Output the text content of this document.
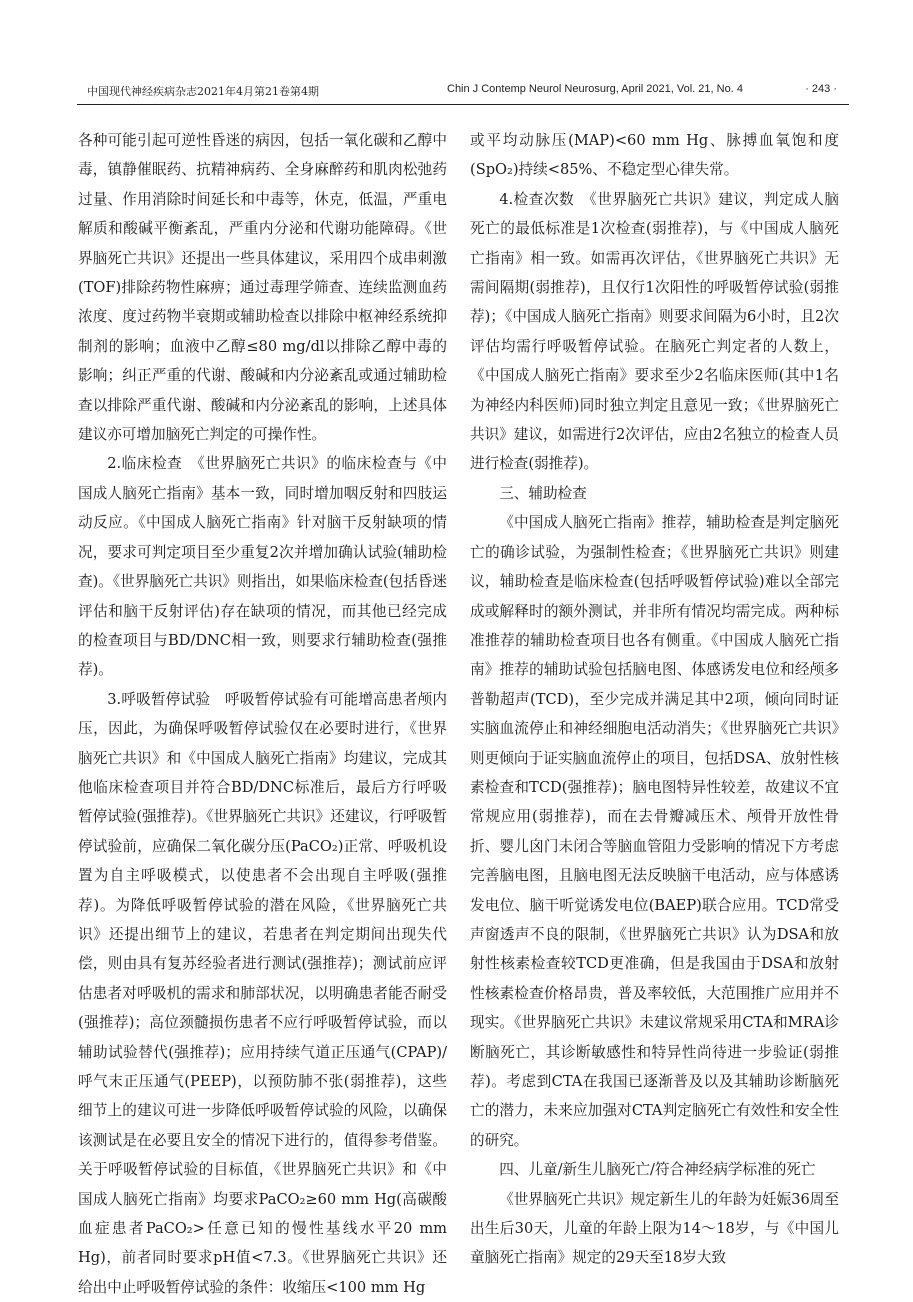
中国现代神经疾病杂志2021年4月第21卷第4期	Chin J Contemp Neurol Neurosurg, April 2021, Vol. 21, No. 4	· 243 ·

各种可能引起可逆性昏迷的病因，包括一氧化碳和乙醇中毒，镇静催眠药、抗精神病药、全身麻醉药和肌肉松弛药过量、作用消除时间延长和中毒等，休克，低温，严重电解质和酸碱平衡紊乱，严重内分泌和代谢功能障碍。《世界脑死亡共识》还提出一些具体建议，采用四个成串刺激(TOF)排除药物性麻痹；通过毒理学筛查、连续监测血药浓度、度过药物半衰期或辅助检查以排除中枢神经系统抑制剂的影响；血液中乙醇≤80 mg/dl以排除乙醇中毒的影响；纠正严重的代谢、酸碱和内分泌紊乱或通过辅助检查以排除严重代谢、酸碱和内分泌紊乱的影响，上述具体建议亦可增加脑死亡判定的可操作性。

2.临床检查　《世界脑死亡共识》的临床检查与《中国成人脑死亡指南》基本一致，同时增加咽反射和四肢运动反应。《中国成人脑死亡指南》针对脑干反射缺项的情况，要求可判定项目至少重复2次并增加确认试验(辅助检查)。《世界脑死亡共识》则指出，如果临床检查(包括昏迷评估和脑干反射评估)存在缺项的情况，而其他已经完成的检查项目与BD/DNC相一致，则要求行辅助检查(强推荐)。

3.呼吸暂停试验　呼吸暂停试验有可能增高患者颅内压，因此，为确保呼吸暂停试验仅在必要时进行，《世界脑死亡共识》和《中国成人脑死亡指南》均建议，完成其他临床检查项目并符合BD/DNC标准后，最后方行呼吸暂停试验(强推荐)。《世界脑死亡共识》还建议，行呼吸暂停试验前，应确保二氧化碳分压(PaCO₂)正常、呼吸机设置为自主呼吸模式，以使患者不会出现自主呼吸(强推荐)。为降低呼吸暂停试验的潜在风险，《世界脑死亡共识》还提出细节上的建议，若患者在判定期间出现失代偿，则由具有复苏经验者进行测试(强推荐)；测试前应评估患者对呼吸机的需求和肺部状况，以明确患者能否耐受(强推荐)；高位颈髓损伤患者不应行呼吸暂停试验，而以辅助试验替代(强推荐)；应用持续气道正压通气(CPAP)/呼气末正压通气(PEEP)，以预防肺不张(弱推荐)，这些细节上的建议可进一步降低呼吸暂停试验的风险，以确保该测试是在必要且安全的情况下进行的，值得参考借鉴。关于呼吸暂停试验的目标值，《世界脑死亡共识》和《中国成人脑死亡指南》均要求PaCO₂≥60 mm Hg(高碳酸血症患者PaCO₂>任意已知的慢性基线水平20 mm Hg)，前者同时要求pH值<7.3。《世界脑死亡共识》还给出中止呼吸暂停试验的条件：收缩压<100 mm Hg

或平均动脉压(MAP)<60 mm Hg、脉搏血氧饱和度(SpO₂)持续<85%、不稳定型心律失常。

4.检查次数　《世界脑死亡共识》建议，判定成人脑死亡的最低标准是1次检查(弱推荐)，与《中国成人脑死亡指南》相一致。如需再次评估，《世界脑死亡共识》无需间隔期(弱推荐)，且仅行1次阳性的呼吸暂停试验(弱推荐)；《中国成人脑死亡指南》则要求间隔为6小时，且2次评估均需行呼吸暂停试验。在脑死亡判定者的人数上，《中国成人脑死亡指南》要求至少2名临床医师(其中1名为神经内科医师)同时独立判定且意见一致；《世界脑死亡共识》建议，如需进行2次评估，应由2名独立的检查人员进行检查(弱推荐)。

三、辅助检查

《中国成人脑死亡指南》推荐，辅助检查是判定脑死亡的确诊试验，为强制性检查；《世界脑死亡共识》则建议，辅助检查是临床检查(包括呼吸暂停试验)难以全部完成或解释时的额外测试，并非所有情况均需完成。两种标准推荐的辅助检查项目也各有侧重。《中国成人脑死亡指南》推荐的辅助试验包括脑电图、体感诱发电位和经颅多普勒超声(TCD)，至少完成并满足其中2项，倾向同时证实脑血流停止和神经细胞电活动消失；《世界脑死亡共识》则更倾向于证实脑血流停止的项目，包括DSA、放射性核素检查和TCD(强推荐)；脑电图特异性较差，故建议不宜常规应用(弱推荐)，而在去骨瓣减压术、颅骨开放性骨折、婴儿囟门未闭合等脑血管阻力受影响的情况下方考虑完善脑电图，且脑电图无法反映脑干电活动，应与体感诱发电位、脑干听觉诱发电位(BAEP)联合应用。TCD常受声窗透声不良的限制，《世界脑死亡共识》认为DSA和放射性核素检查较TCD更准确，但是我国由于DSA和放射性核素检查价格昂贵，普及率较低，大范围推广应用并不现实。《世界脑死亡共识》未建议常规采用CTA和MRA诊断脑死亡，其诊断敏感性和特异性尚待进一步验证(弱推荐)。考虑到CTA在我国已逐渐普及以及其辅助诊断脑死亡的潜力，未来应加强对CTA判定脑死亡有效性和安全性的研究。

四、儿童/新生儿脑死亡/符合神经病学标准的死亡

《世界脑死亡共识》规定新生儿的年龄为妊娠36周至出生后30天，儿童的年龄上限为14～18岁，与《中国儿童脑死亡指南》规定的29天至18岁大致
